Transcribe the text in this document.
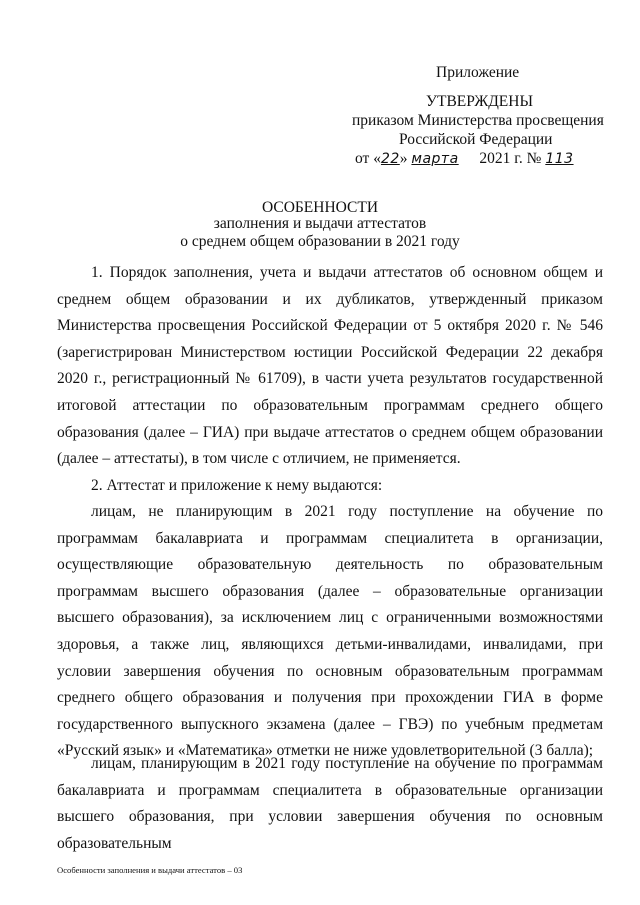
Приложение
УТВЕРЖДЕНЫ
приказом Министерства просвещения
Российской Федерации
от «22» марта 2021 г. № 113
ОСОБЕННОСТИ
заполнения и выдачи аттестатов
о среднем общем образовании в 2021 году

1. Порядок заполнения, учета и выдачи аттестатов об основном общем и среднем общем образовании и их дубликатов, утвержденный приказом Министерства просвещения Российской Федерации от 5 октября 2020 г. № 546 (зарегистрирован Министерством юстиции Российской Федерации 22 декабря 2020 г., регистрационный № 61709), в части учета результатов государственной итоговой аттестации по образовательным программам среднего общего образования (далее – ГИА) при выдаче аттестатов о среднем общем образовании (далее – аттестаты), в том числе с отличием, не применяется.

2. Аттестат и приложение к нему выдаются:

лицам, не планирующим в 2021 году поступление на обучение по программам бакалавриата и программам специалитета в организации, осуществляющие образовательную деятельность по образовательным программам высшего образования (далее – образовательные организации высшего образования), за исключением лиц с ограниченными возможностями здоровья, а также лиц, являющихся детьми-инвалидами, инвалидами, при условии завершения обучения по основным образовательным программам среднего общего образования и получения при прохождении ГИА в форме государственного выпускного экзамена (далее – ГВЭ) по учебным предметам «Русский язык» и «Математика» отметки не ниже удовлетворительной (3 балла);

лицам, планирующим в 2021 году поступление на обучение по программам бакалавриата и программам специалитета в образовательные организации высшего образования, при условии завершения обучения по основным образовательным

Особенности заполнения и выдачи аттестатов – 03
